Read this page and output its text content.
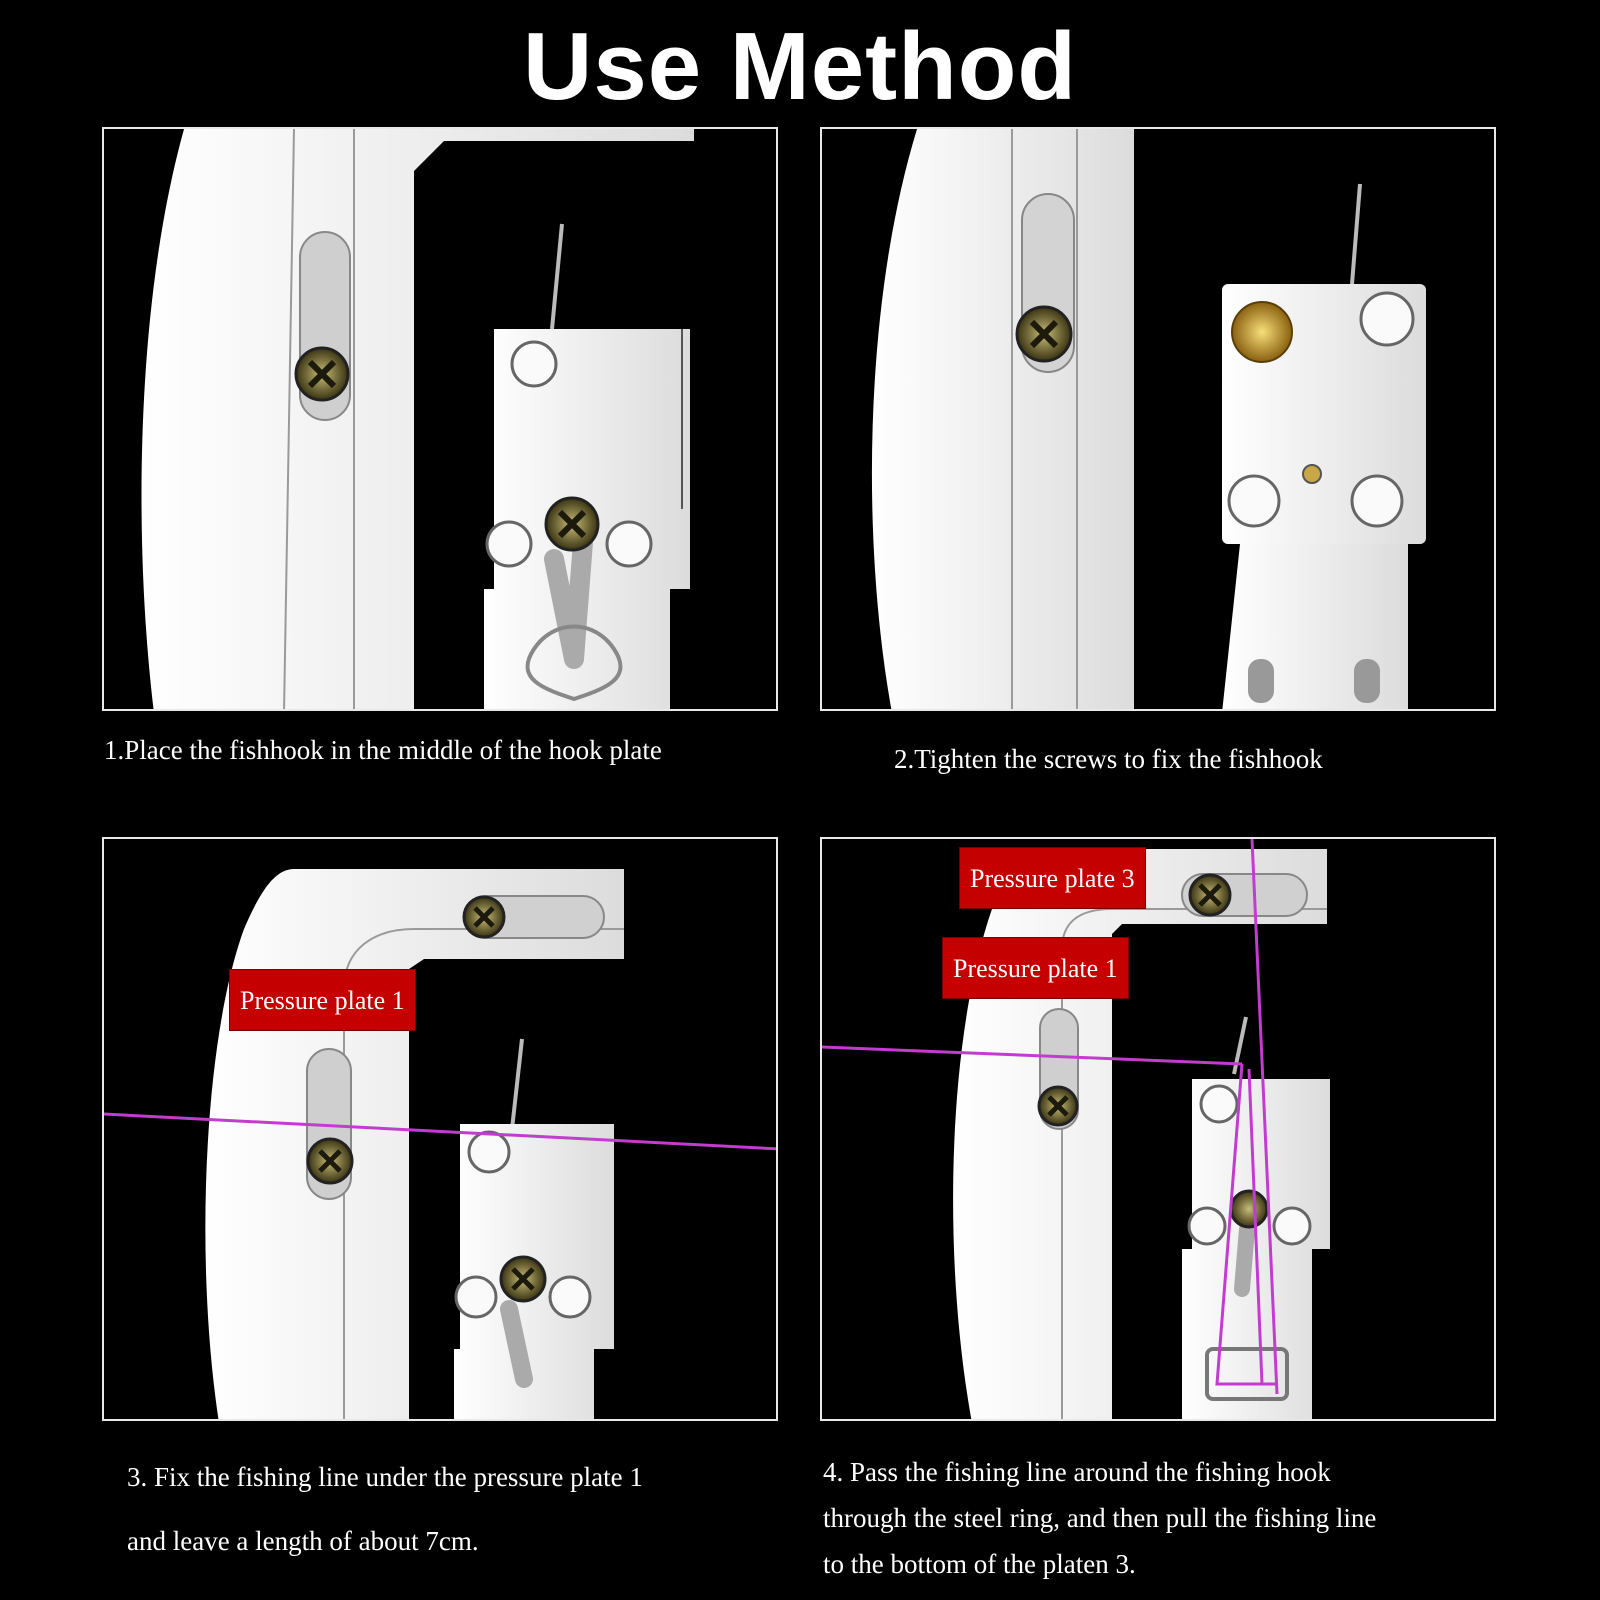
Use Method
1.Place the fishhook in the middle of the hook plate	2.Tighten the screws to fix the fishhook
Pressure plate 1
3. Fix the fishing line under the pressure plate 1
and leave a length of about 7cm.
Pressure plate 3
Pressure plate 1
4. Pass the fishing line around the fishing hook
through the steel ring, and then pull the fishing line
to the bottom of the platen 3.
